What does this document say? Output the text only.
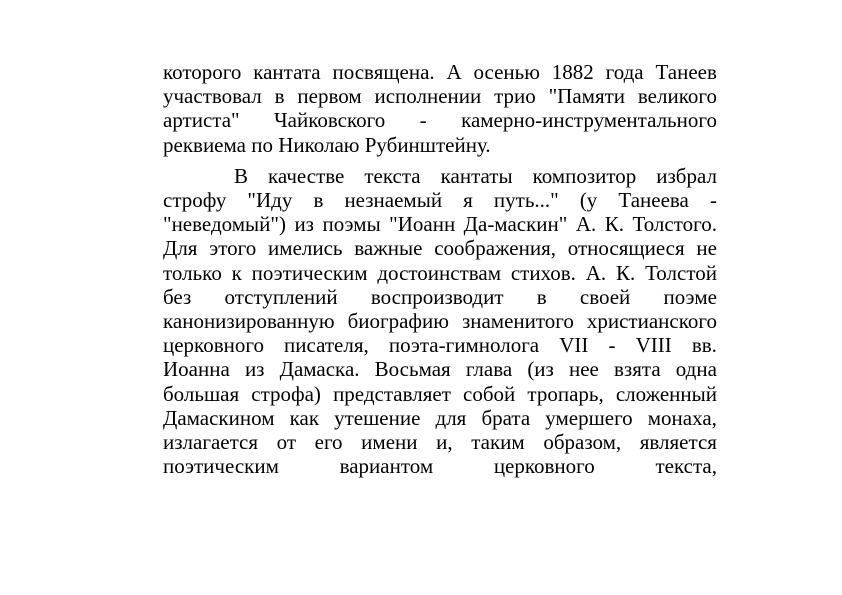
которого кантата посвящена. А осенью 1882 года Танеев
участвовал в первом исполнении трио "Памяти великого
артиста" Чайковского - камерно-инструментального
реквиема по Николаю Рубинштейну.

В качестве текста кантаты композитор избрал
строфу "Иду в незнаемый я путь..." (у Танеева -
"неведомый") из поэмы "Иоанн Да-маскин" А. К. Толстого.
Для этого имелись важные соображения, относящиеся не
только к поэтическим достоинствам стихов. А. К. Толстой
без отступлений воспроизводит в своей поэме
канонизированную биографию знаменитого христианского
церковного писателя, поэта-гимнолога VII - VIII вв.
Иоанна из Дамаска. Восьмая глава (из нее взята одна
большая строфа) представляет собой тропарь, сложенный
Дамаскином как утешение для брата умершего монаха,
излагается от его имени и, таким образом, является
поэтическим	вариантом	церковного	текста,
